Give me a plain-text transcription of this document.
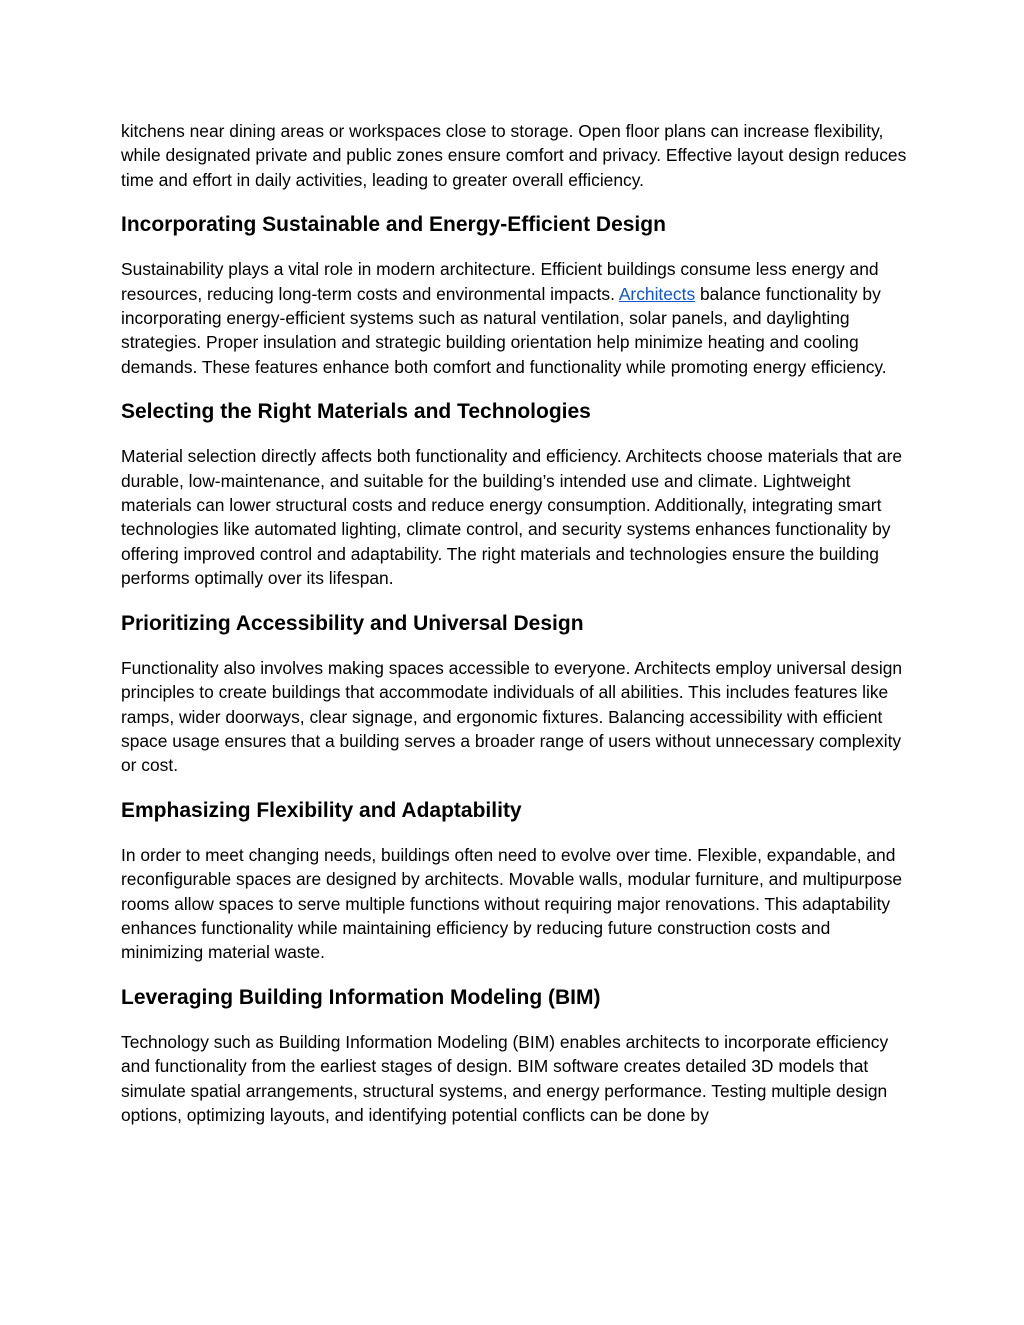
kitchens near dining areas or workspaces close to storage. Open floor plans can increase flexibility, while designated private and public zones ensure comfort and privacy. Effective layout design reduces time and effort in daily activities, leading to greater overall efficiency.

Incorporating Sustainable and Energy-Efficient Design

Sustainability plays a vital role in modern architecture. Efficient buildings consume less energy and resources, reducing long-term costs and environmental impacts. Architects balance functionality by incorporating energy-efficient systems such as natural ventilation, solar panels, and daylighting strategies. Proper insulation and strategic building orientation help minimize heating and cooling demands. These features enhance both comfort and functionality while promoting energy efficiency.

Selecting the Right Materials and Technologies

Material selection directly affects both functionality and efficiency. Architects choose materials that are durable, low-maintenance, and suitable for the building’s intended use and climate. Lightweight materials can lower structural costs and reduce energy consumption. Additionally, integrating smart technologies like automated lighting, climate control, and security systems enhances functionality by offering improved control and adaptability. The right materials and technologies ensure the building performs optimally over its lifespan.

Prioritizing Accessibility and Universal Design

Functionality also involves making spaces accessible to everyone. Architects employ universal design principles to create buildings that accommodate individuals of all abilities. This includes features like ramps, wider doorways, clear signage, and ergonomic fixtures. Balancing accessibility with efficient space usage ensures that a building serves a broader range of users without unnecessary complexity or cost.

Emphasizing Flexibility and Adaptability

In order to meet changing needs, buildings often need to evolve over time. Flexible, expandable, and reconfigurable spaces are designed by architects. Movable walls, modular furniture, and multipurpose rooms allow spaces to serve multiple functions without requiring major renovations. This adaptability enhances functionality while maintaining efficiency by reducing future construction costs and minimizing material waste.

Leveraging Building Information Modeling (BIM)

Technology such as Building Information Modeling (BIM) enables architects to incorporate efficiency and functionality from the earliest stages of design. BIM software creates detailed 3D models that simulate spatial arrangements, structural systems, and energy performance. Testing multiple design options, optimizing layouts, and identifying potential conflicts can be done by
